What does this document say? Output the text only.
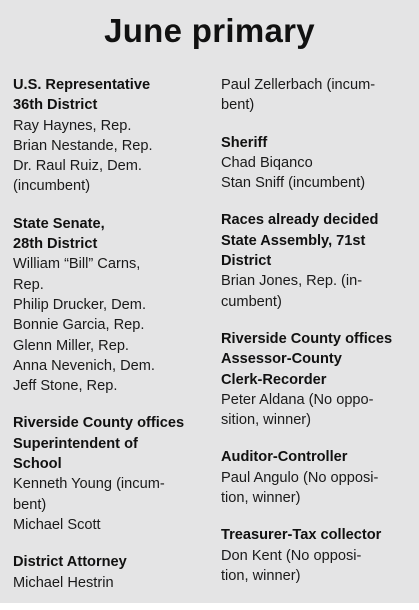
June primary
U.S. Representative
36th District
Ray Haynes, Rep.
Brian Nestande, Rep.
Dr. Raul Ruiz, Dem.
(incumbent)
State Senate,
28th District
William “Bill” Carns,
Rep.
Philip Drucker, Dem.
Bonnie Garcia, Rep.
Glenn Miller, Rep.
Anna Nevenich, Dem.
Jeff Stone, Rep.
Riverside County offices
Superintendent of
School
Kenneth Young (incum-
bent)
Michael Scott
District Attorney
Michael Hestrin
Paul Zellerbach (incum-
bent)
Sheriff
Chad Biqanco
Stan Sniff (incumbent)
Races already decided
State Assembly, 71st
District
Brian Jones, Rep. (in-
cumbent)
Riverside County offices
Assessor-County
Clerk-Recorder
Peter Aldana (No oppo-
sition, winner)
Auditor-Controller
Paul Angulo (No opposi-
tion, winner)
Treasurer-Tax collector
Don Kent (No opposi-
tion, winner)
